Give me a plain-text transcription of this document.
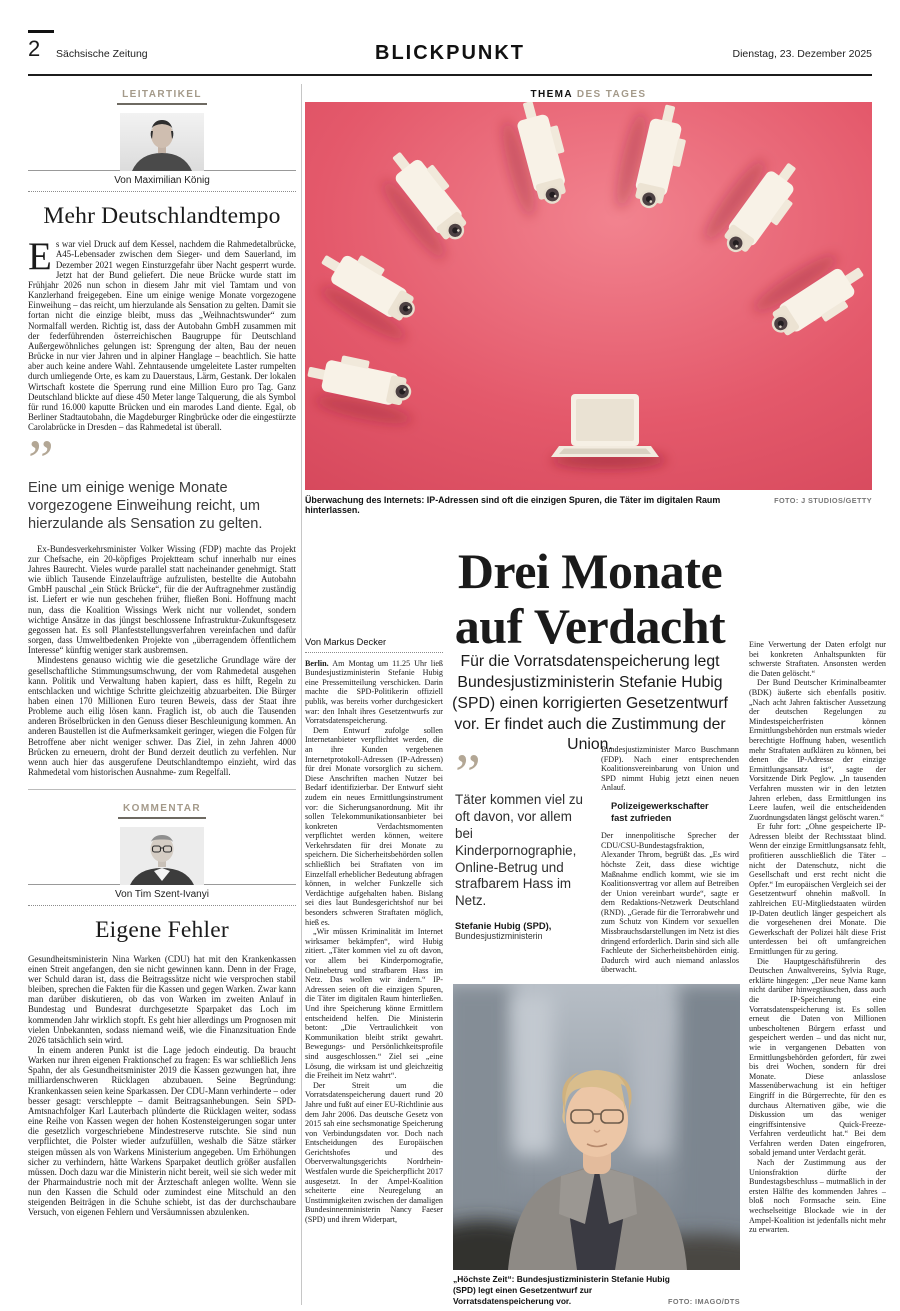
2 Sächsische Zeitung	BLICKPUNKT	Dienstag, 23. Dezember 2025
LEITARTIKEL
Von Maximilian König
Mehr Deutschlandtempo

Es war viel Druck auf dem Kessel, nachdem die Rahmedetalbrücke, A45-Lebensader zwischen dem Sieger- und dem Sauerland, im Dezember 2021 wegen Einsturzgefahr über Nacht gesperrt wurde. Jetzt hat der Bund geliefert. Die neue Brücke wurde statt im Frühjahr 2026 nun schon in diesem Jahr mit viel Tamtam und von Kanzlerhand freigegeben. Eine um einige wenige Monate vorgezogene Einweihung – das reicht, um hierzulande als Sensation zu gelten. Damit sie fortan nicht die einzige bleibt, muss das „Weihnachtswunder“ zum Normalfall werden. Richtig ist, dass der Autobahn GmbH zusammen mit der federführenden österreichischen Baugruppe für Deutschland Außergewöhnliches gelungen ist: Sprengung der alten, Bau der neuen Brücke in nur vier Jahren und in alpiner Hanglage – beachtlich. Sie hatte aber auch keine andere Wahl. Zehntausende umgeleitete Laster rumpelten durch umliegende Orte, es kam zu Dauerstaus, Lärm, Gestank. Der lokalen Wirtschaft kostete die Sperrung rund eine Million Euro pro Tag. Ganz Deutschland blickte auf diese 450 Meter lange Talquerung, die als Symbol für rund 16.000 kaputte Brücken und ein marodes Land diente. Egal, ob Berliner Stadtautobahn, die Magdeburger Ringbrücke oder die eingestürzte Carolabrücke in Dresden – das Rahmedetal ist überall.

”
Eine um einige wenige Monate vorgezogene Einweihung reicht, um hierzulande als Sensation zu gelten.

Ex-Bundesverkehrsminister Volker Wissing (FDP) machte das Projekt zur Chefsache, ein 20-köpfiges Projektteam schuf innerhalb nur eines Jahres Baurecht. Vieles wurde parallel statt nacheinander genehmigt. Statt wie üblich Tausende Einzelaufträge aufzulisten, bestellte die Autobahn GmbH pauschal „ein Stück Brücke“, für die der Auftragnehmer zuständig ist. Liefert er wie nun geschehen früher, fließen Boni. Hoffnung macht nun, dass die Koalition Wissings Werk nicht nur vollendet, sondern wichtige Ansätze in das jüngst beschlossene Infrastruktur-Zukunftsgesetz gegossen hat. Es soll Planfeststellungsverfahren vereinfachen und dafür sorgen, dass Umweltbedenken Projekte von „überragendem öffentlichem Interesse“ künftig weniger stark ausbremsen.

Mindestens genauso wichtig wie die gesetzliche Grundlage wäre der gesellschaftliche Stimmungsumschwung, der vom Rahmedetal ausgehen kann. Politik und Verwaltung haben kapiert, dass es hilft, Regeln zu entschlacken und wichtige Schritte gleichzeitig abzuarbeiten. Die Bürger haben einen 170 Millionen Euro teuren Beweis, dass der Staat ihre Probleme auch eilig lösen kann. Fraglich ist, ob auch die Tausenden anderen Bröselbrücken in den Genuss dieser Beschleunigung kommen. An anderen Baustellen ist die Aufmerksamkeit geringer, wiegen die Folgen für Betroffene aber nicht weniger schwer. Das Ziel, in zehn Jahren 4000 Brücken zu erneuern, droht der Bund derzeit deutlich zu verfehlen. Nur wenn auch hier das ausgerufene Deutschlandtempo einzieht, wird das Rahmedetal vom historischen Ausnahme- zum Regelfall.

KOMMENTAR
Von Tim Szent-Ivanyi
Eigene Fehler

Gesundheitsministerin Nina Warken (CDU) hat mit den Krankenkassen einen Streit angefangen, den sie nicht gewinnen kann. Denn in der Frage, wer Schuld daran ist, dass die Beitragssätze nicht wie versprochen stabil bleiben, sprechen die Fakten für die Kassen und gegen Warken. Zwar kann man darüber diskutieren, ob das von Warken im zweiten Anlauf in Bundestag und Bundesrat durchgesetzte Sparpaket das Loch im kommenden Jahr wirklich stopft. Es geht hier allerdings um Prognosen mit vielen Unbekannten, sodass niemand weiß, wie die Finanzsituation Ende 2026 tatsächlich sein wird.

In einem anderen Punkt ist die Lage jedoch eindeutig. Da braucht Warken nur ihren eigenen Fraktionschef zu fragen: Es war schließlich Jens Spahn, der als Gesundheitsminister 2019 die Kassen gezwungen hat, ihre milliardenschweren Rücklagen abzubauen. Seine Begründung: Krankenkassen seien keine Sparkassen. Der CDU-Mann verhinderte – oder besser gesagt: verschleppte – damit Beitragsanhebungen. Sein SPD-Amtsnachfolger Karl Lauterbach plünderte die Rücklagen weiter, sodass eine Reihe von Kassen wegen der hohen Kostensteigerungen sogar unter die gesetzlich vorgeschriebene Mindestreserve rutschte. Sie sind nun verpflichtet, die Polster wieder aufzufüllen, weshalb die Sätze stärker steigen müssen als von Warkens Ministerium angegeben. Um Erhöhungen sicher zu verhindern, hätte Warkens Sparpaket deutlich größer ausfallen müssen. Doch dazu war die Ministerin nicht bereit, weil sie sich weder mit der Pharmaindustrie noch mit der Ärzteschaft anlegen wollte. Wenn sie nun den Kassen die Schuld oder zumindest eine Mitschuld an den steigenden Beiträgen in die Schuhe schiebt, ist das der durchschaubare Versuch, von eigenen Fehlern und Versäumnissen abzulenken.

THEMA DES TAGES
Überwachung des Internets: IP-Adressen sind oft die einzigen Spuren, die Täter im digitalen Raum hinterlassen.
FOTO: J STUDIOS/GETTY
Drei Monate auf Verdacht
Für die Vorratsdatenspeicherung legt Bundesjustizministerin Stefanie Hubig (SPD) einen korrigierten Gesetzentwurf vor. Er findet auch die Zustimmung der Union.
Von Markus Decker

Berlin. Am Montag um 11.25 Uhr ließ Bundesjustizministerin Stefanie Hubig eine Pressemitteilung verschicken. Darin machte die SPD-Politikerin offiziell publik, was bereits vorher durchgesickert war: den Inhalt ihres Gesetzentwurfs zur Vorratsdatenspeicherung.

Dem Entwurf zufolge sollen Internetanbieter verpflichtet werden, die an ihre Kunden vergebenen Internetprotokoll-Adressen (IP-Adressen) für drei Monate vorsorglich zu sichern. Diese Anschriften machen Nutzer bei Bedarf identifizierbar. Der Entwurf sieht zudem ein neues Ermittlungsinstrument vor: die Sicherungsanordnung. Mit ihr sollen Telekommunikationsanbieter bei konkreten Verdachtsmomenten verpflichtet werden können, weitere Verkehrsdaten für drei Monate zu speichern. Die Sicherheitsbehörden sollen schließlich bei Straftaten von im Einzelfall erheblicher Bedeutung abfragen können, in welcher Funkzelle sich Verdächtige aufgehalten haben. Bislang sei dies laut Bundesgerichtshof nur bei besonders schweren Straftaten möglich, hieß es.

„Wir müssen Kriminalität im Internet wirksamer bekämpfen“, wird Hubig zitiert. „Täter kommen viel zu oft davon, vor allem bei Kinderpornografie, Onlinebetrug und strafbarem Hass im Netz. Das wollen wir ändern.“ IP-Adressen seien oft die einzigen Spuren, die Täter im digitalen Raum hinterließen. Und ihre Speicherung könne Ermittlern entscheidend helfen. Die Ministerin betont: „Die Vertraulichkeit von Kommunikation bleibt strikt gewahrt. Bewegungs- und Persönlichkeitsprofile sind ausgeschlossen.“ Ziel sei „eine Lösung, die wirksam ist und gleichzeitig die Freiheit im Netz wahrt“.

Der Streit um die Vorratsdatenspeicherung dauert rund 20 Jahre und fußt auf einer EU-Richtlinie aus dem Jahr 2006. Das deutsche Gesetz von 2015 sah eine sechsmonatige Speicherung von Verbindungsdaten vor. Doch nach Entscheidungen des Europäischen Gerichtshofes und des Oberverwaltungsgerichts Nordrhein-Westfalen wurde die Speicherpflicht 2017 ausgesetzt. In der Ampel-Koalition scheiterte eine Neuregelung an Unstimmigkeiten zwischen der damaligen Bundesinnenministerin Nancy Faeser (SPD) und ihrem Widerpart,

”
Täter kommen viel zu oft davon, vor allem bei Kinderpornographie, Online-Betrug und strafbarem Hass im Netz.
Stefanie Hubig (SPD),
Bundesjustizministerin

Bundesjustizminister Marco Buschmann (FDP). Nach einer entsprechenden Koalitionsvereinbarung von Union und SPD nimmt Hubig jetzt einen neuen Anlauf.

Polizeigewerkschafter fast zufrieden

Der innenpolitische Sprecher der CDU/CSU-Bundestagsfraktion, Alexander Throm, begrüßt das. „Es wird höchste Zeit, dass diese wichtige Maßnahme endlich kommt, wie sie im Koalitionsvertrag vor allem auf Betreiben der Union vereinbart wurde“, sagte er dem Redaktions-Netzwerk Deutschland (RND). „Gerade für die Terrorabwehr und zum Schutz von Kindern vor sexuellen Missbrauchsdarstellungen im Netz ist dies dringend erforderlich. Darin sind sich alle Fachleute der Sicherheitsbehörden einig. Dadurch wird auch niemand anlasslos überwacht.

Eine Verwertung der Daten erfolgt nur bei konkreten Anhaltspunkten für schwerste Straftaten. Ansonsten werden die Daten gelöscht.“

Der Bund Deutscher Kriminalbeamter (BDK) äußerte sich ebenfalls positiv. „Nach acht Jahren faktischer Aussetzung der deutschen Regelungen zu Mindestspeicherfristen können Ermittlungsbehörden nun erstmals wieder berechtigte Hoffnung haben, wesentlich mehr Straftaten aufklären zu können, bei denen die IP-Adresse der einzige Ermittlungsansatz ist“, sagte der Vorsitzende Dirk Peglow. „In tausenden Verfahren mussten wir in den letzten Jahren erleben, dass Ermittlungen ins Leere laufen, weil die entscheidenden Zuordnungsdaten längst gelöscht waren.“

Er fuhr fort: „Ohne gespeicherte IP-Adressen bleibt der Rechtsstaat blind. Wenn der einzige Ermittlungsansatz fehlt, profitieren ausschließlich die Täter – nicht der Datenschutz, nicht die Gesellschaft und erst recht nicht die Opfer.“ Im europäischen Vergleich sei der Gesetzentwurf ohnehin maßvoll. In zahlreichen EU-Mitgliedstaaten würden IP-Daten deutlich länger gespeichert als die vorgesehenen drei Monate. Die Gewerkschaft der Polizei hält diese Frist unterdessen bei oft umfangreichen Ermittlungen für zu gering.

Die Hauptgeschäftsführerin des Deutschen Anwaltvereins, Sylvia Ruge, erklärte hingegen: „Der neue Name kann nicht darüber hinwegtäuschen, dass auch die IP-Speicherung eine Vorratsdatenspeicherung ist. Es sollen erneut die Daten von Millionen unbescholtenen Bürgern erfasst und gespeichert werden – und das nicht nur, wie in vergangenen Debatten von Ermittlungsbehörden gefordert, für zwei bis drei Wochen, sondern für drei Monate. Diese anlasslose Massenüberwachung ist ein heftiger Eingriff in die Bürgerrechte, für den es durchaus Alternativen gäbe, wie die Diskussion um das weniger eingriffsintensive Quick-Freeze-Verfahren verdeutlicht hat.“ Bei dem Verfahren werden Daten eingefroren, sobald jemand unter Verdacht gerät.

Nach der Zustimmung aus der Unionsfraktion dürfte der Bundestagsbeschluss – mutmaßlich in der ersten Hälfte des kommenden Jahres – bloß noch Formsache sein. Eine wechselseitige Blockade wie in der Ampel-Koalition ist jedenfalls nicht mehr zu erwarten.

„Höchste Zeit“: Bundesjustizministerin Stefanie Hubig (SPD) legt einen Gesetzentwurf zur Vorratsdatenspeicherung vor.	FOTO: IMAGO/DTS
